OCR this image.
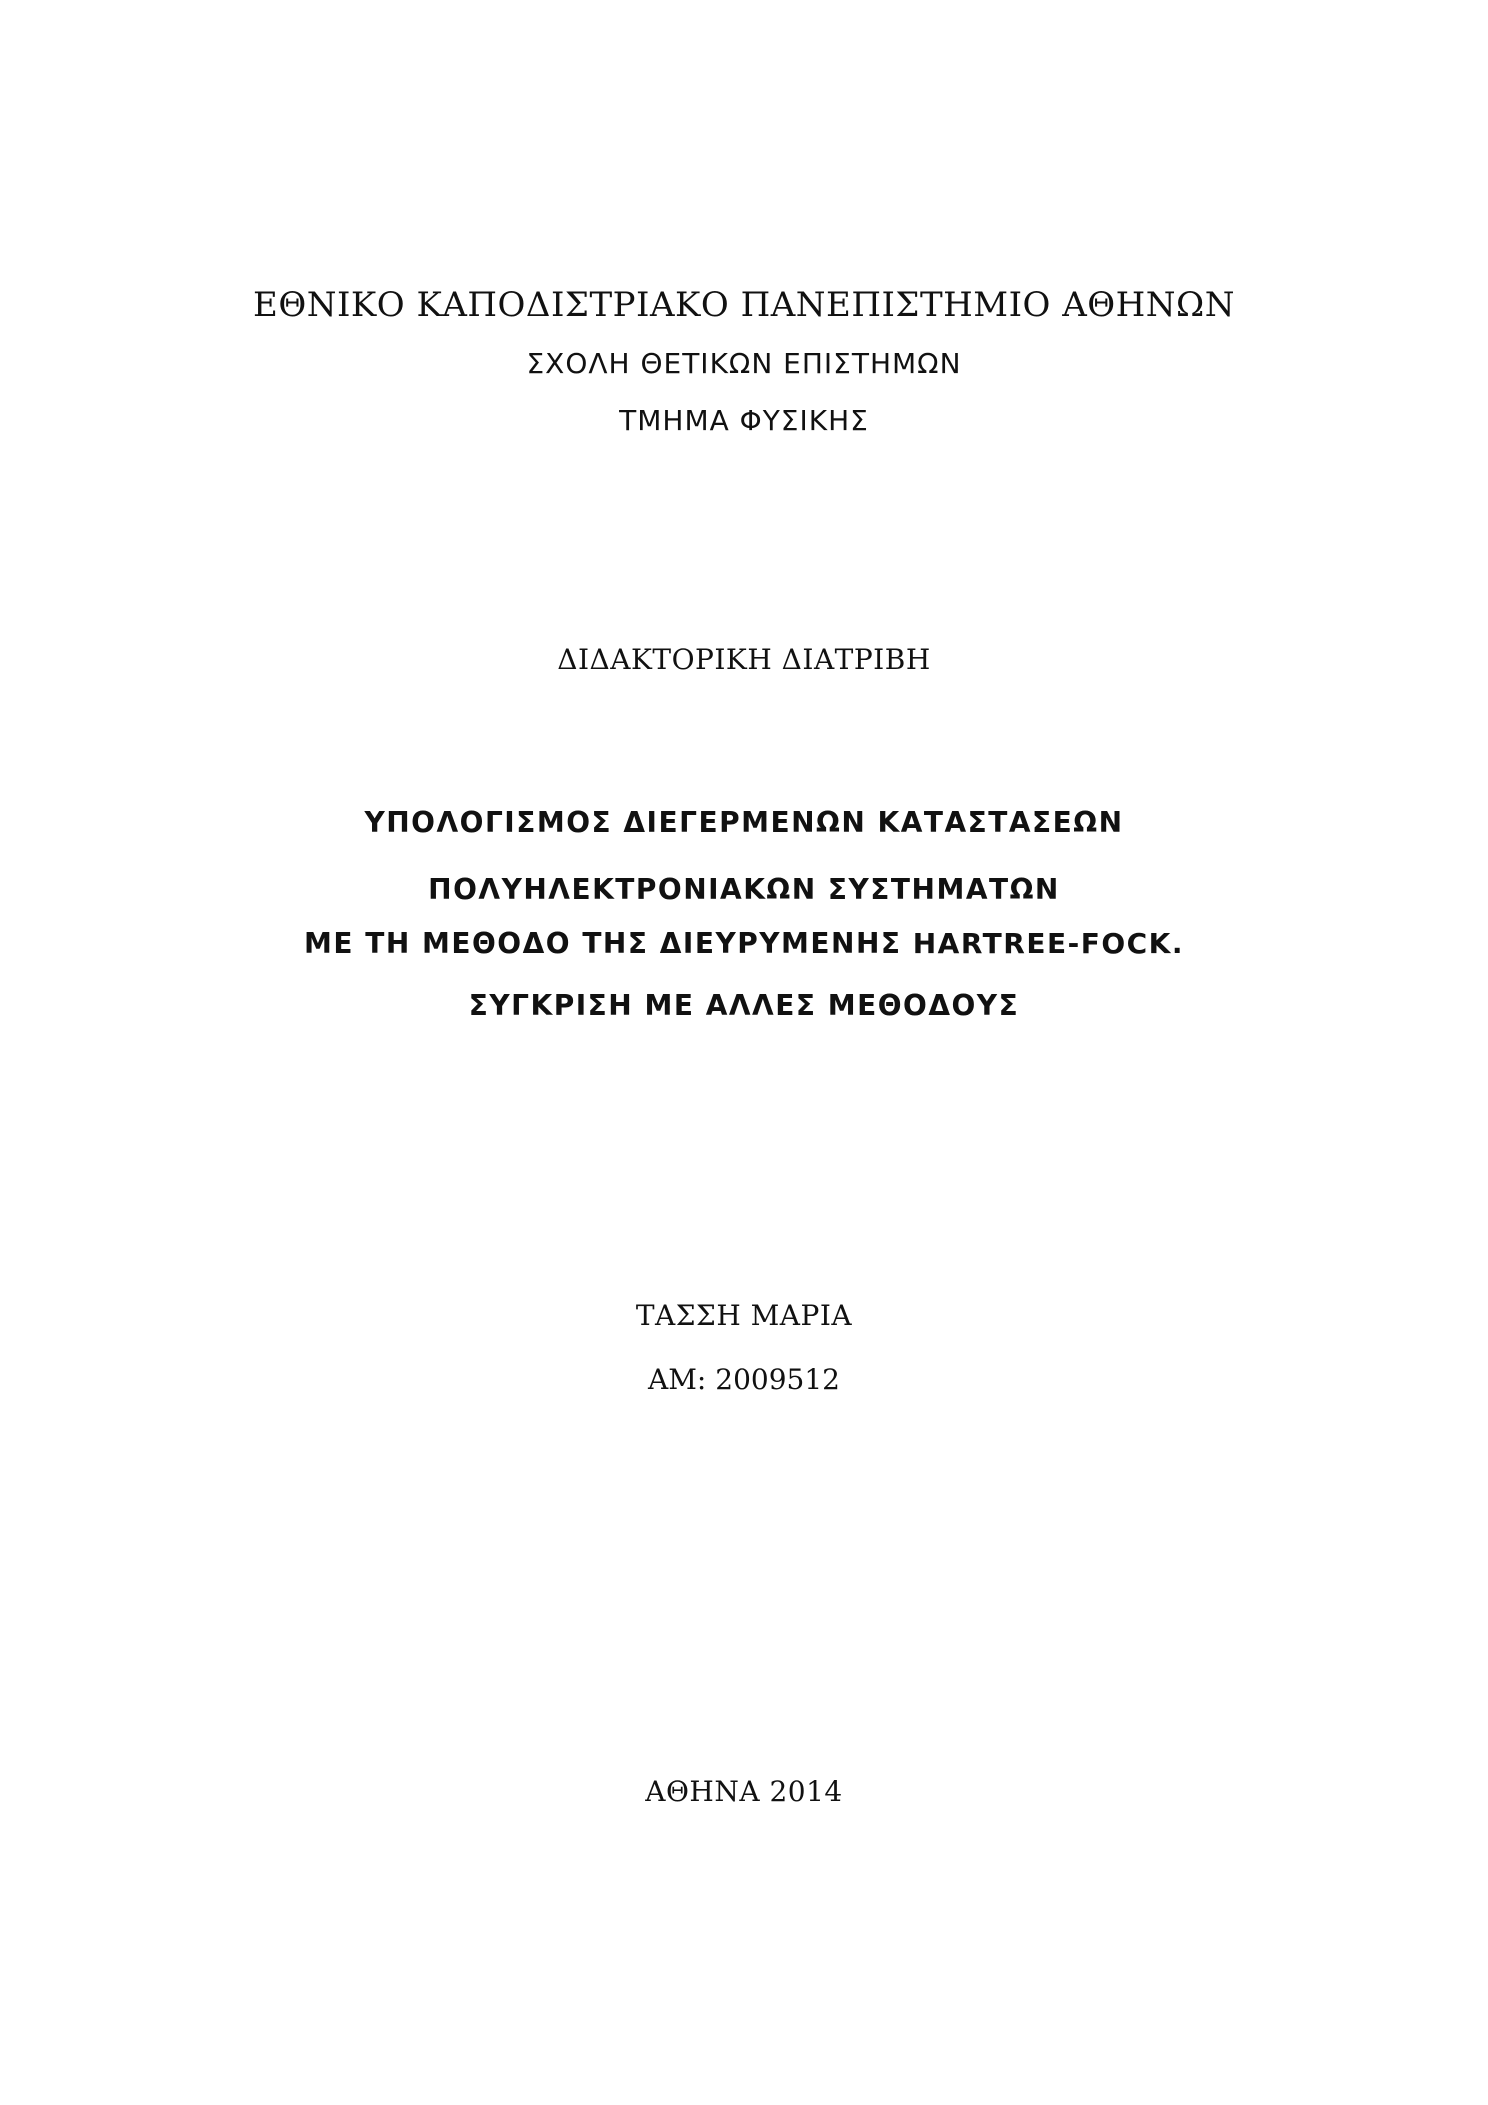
ΕΘΝΙΚΟ ΚΑΠΟΔΙΣΤΡΙΑΚΟ ΠΑΝΕΠΙΣΤΗΜΙΟ ΑΘΗΝΩΝ
ΣΧΟΛΗ ΘΕΤΙΚΩΝ ΕΠΙΣΤΗΜΩΝ
ΤΜΗΜΑ ΦΥΣΙΚΗΣ
ΔΙΔΑΚΤΟΡΙΚΗ ΔΙΑΤΡΙΒΗ
ΥΠΟΛΟΓΙΣΜΟΣ ΔΙΕΓΕΡΜΕΝΩΝ ΚΑΤΑΣΤΑΣΕΩΝ
ΠΟΛΥΗΛΕΚΤΡΟΝΙΑΚΩΝ ΣΥΣΤΗΜΑΤΩΝ
ΜΕ ΤΗ ΜΕΘΟΔΟ ΤΗΣ ΔΙΕΥΡΥΜΕΝΗΣ HARTREE-FOCK.
ΣΥΓΚΡΙΣΗ ΜΕ ΑΛΛΕΣ ΜΕΘΟΔΟΥΣ
ΤΑΣΣΗ ΜΑΡΙΑ
ΑΜ: 2009512
ΑΘΗΝΑ 2014
